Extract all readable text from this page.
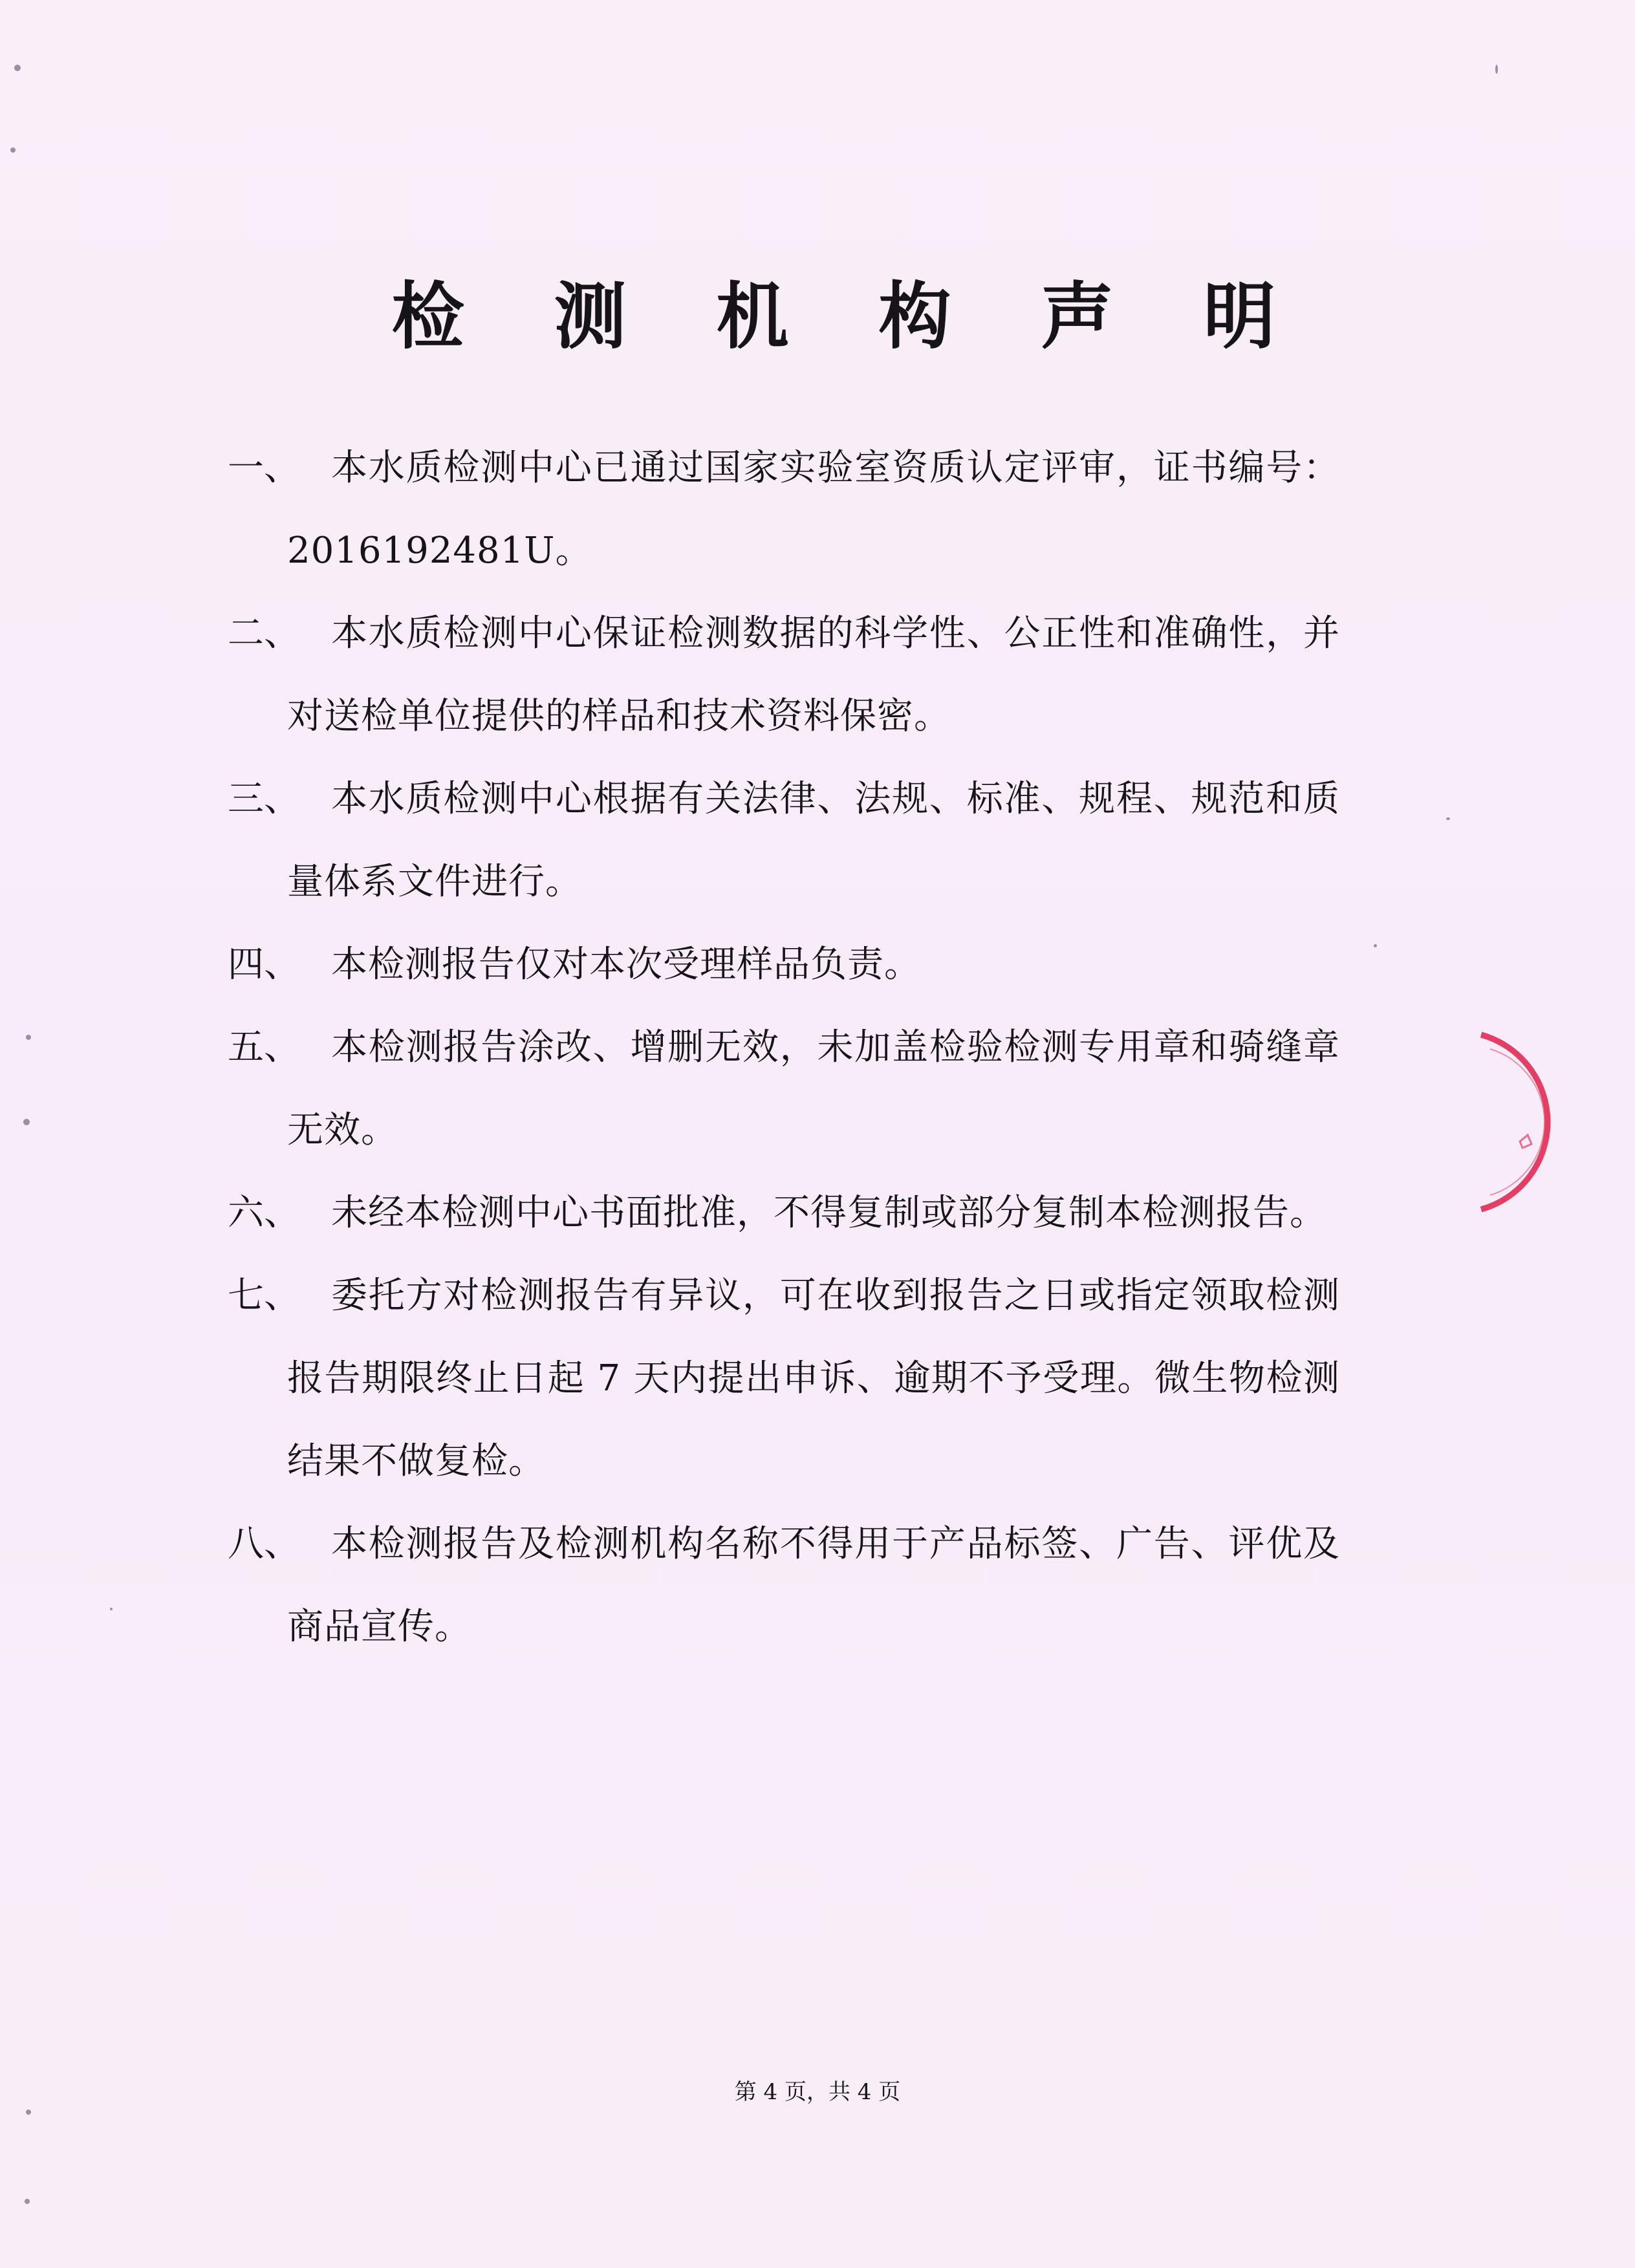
检 测 机 构 声 明
一、 本水质检测中心已通过国家实验室资质认定评审，证书编号：2016192481U。
二、 本水质检测中心保证检测数据的科学性、公正性和准确性，并对送检单位提供的样品和技术资料保密。
三、 本水质检测中心根据有关法律、法规、标准、规程、规范和质量体系文件进行。
四、 本检测报告仅对本次受理样品负责。
五、 本检测报告涂改、增删无效，未加盖检验检测专用章和骑缝章无效。
六、 未经本检测中心书面批准，不得复制或部分复制本检测报告。
七、 委托方对检测报告有异议，可在收到报告之日或指定领取检测报告期限终止日起 7 天内提出申诉、逾期不予受理。微生物检测结果不做复检。
八、 本检测报告及检测机构名称不得用于产品标签、广告、评优及商品宣传。
第 4 页，共 4 页
